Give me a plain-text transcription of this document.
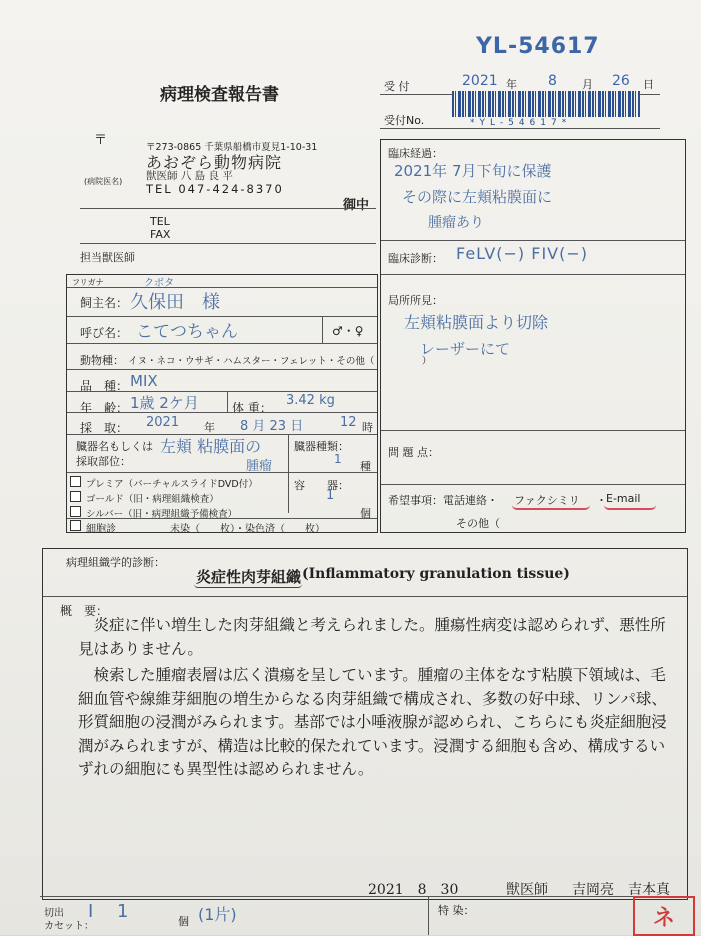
YL-54617
病理検査報告書	受 付	2021 年 8 月 26 日
受付No.	*YL-54617*
〒	〒273-0865 千葉県船橋市夏見1-10-31
あおぞら動物病院
(病院医名) 獣医師 八 島 良 平
TEL 047-424-8370
御中
TEL
FAX
担当獣医師
フリガナ	クボタ
飼主名： 久保田　様
呼び名： こてつちゃん	♂・♀
動物種： イヌ・ネコ・ウサギ・ハムスター・フェレット・その他（　　　　　）
品　種： MIX
年　齢： 1歳 2ケ月	体 重： 3.42 kg
採　取： 2021 年 8 月 23 日	12 時
臓器名もしくは
採取部位：
左頬 粘膜面の
腫瘤
臓器種類：
1
種
容　　器：
1
個
プレミア（バーチャルスライドDVD付）
ゴールド（旧・病理組織検査）
シルバー（旧・病理組織予備検査）
細胞診	未染（　　枚）・染色済（　　枚）
臨床経過：
2021年 7月下旬に保護
その際に左頬粘膜面に
腫瘤あり
臨床診断： FeLV(−) FIV(−)
局所所見：
左頬粘膜面より切除
レーザーにて
問 題 点：
希望事項：電話連絡・ ファクシミリ ・ E-mail
その他（
病理組織学的診断：
炎症性肉芽組織 (Inflammatory granulation tissue)
概　要：
　炎症に伴い増生した肉芽組織と考えられました。腫瘍性病変は認められず、悪性所見はありません。
　検索した腫瘤表層は広く潰瘍を呈しています。腫瘤の主体をなす粘膜下領域は、毛細血管や線維芽細胞の増生からなる肉芽組織で構成され、多数の好中球、リンパ球、形質細胞の浸潤がみられます。基部では小唾液腺が認められ、こちらにも炎症細胞浸潤がみられますが、構造は比較的保たれています。浸潤する細胞も含め、構成するいずれの細胞にも異型性は認められません。
2021　8　30	獣医師 吉岡亮　吉本真
切出
カセット：
I 　1	個 (1片)	特 染：	ネ
